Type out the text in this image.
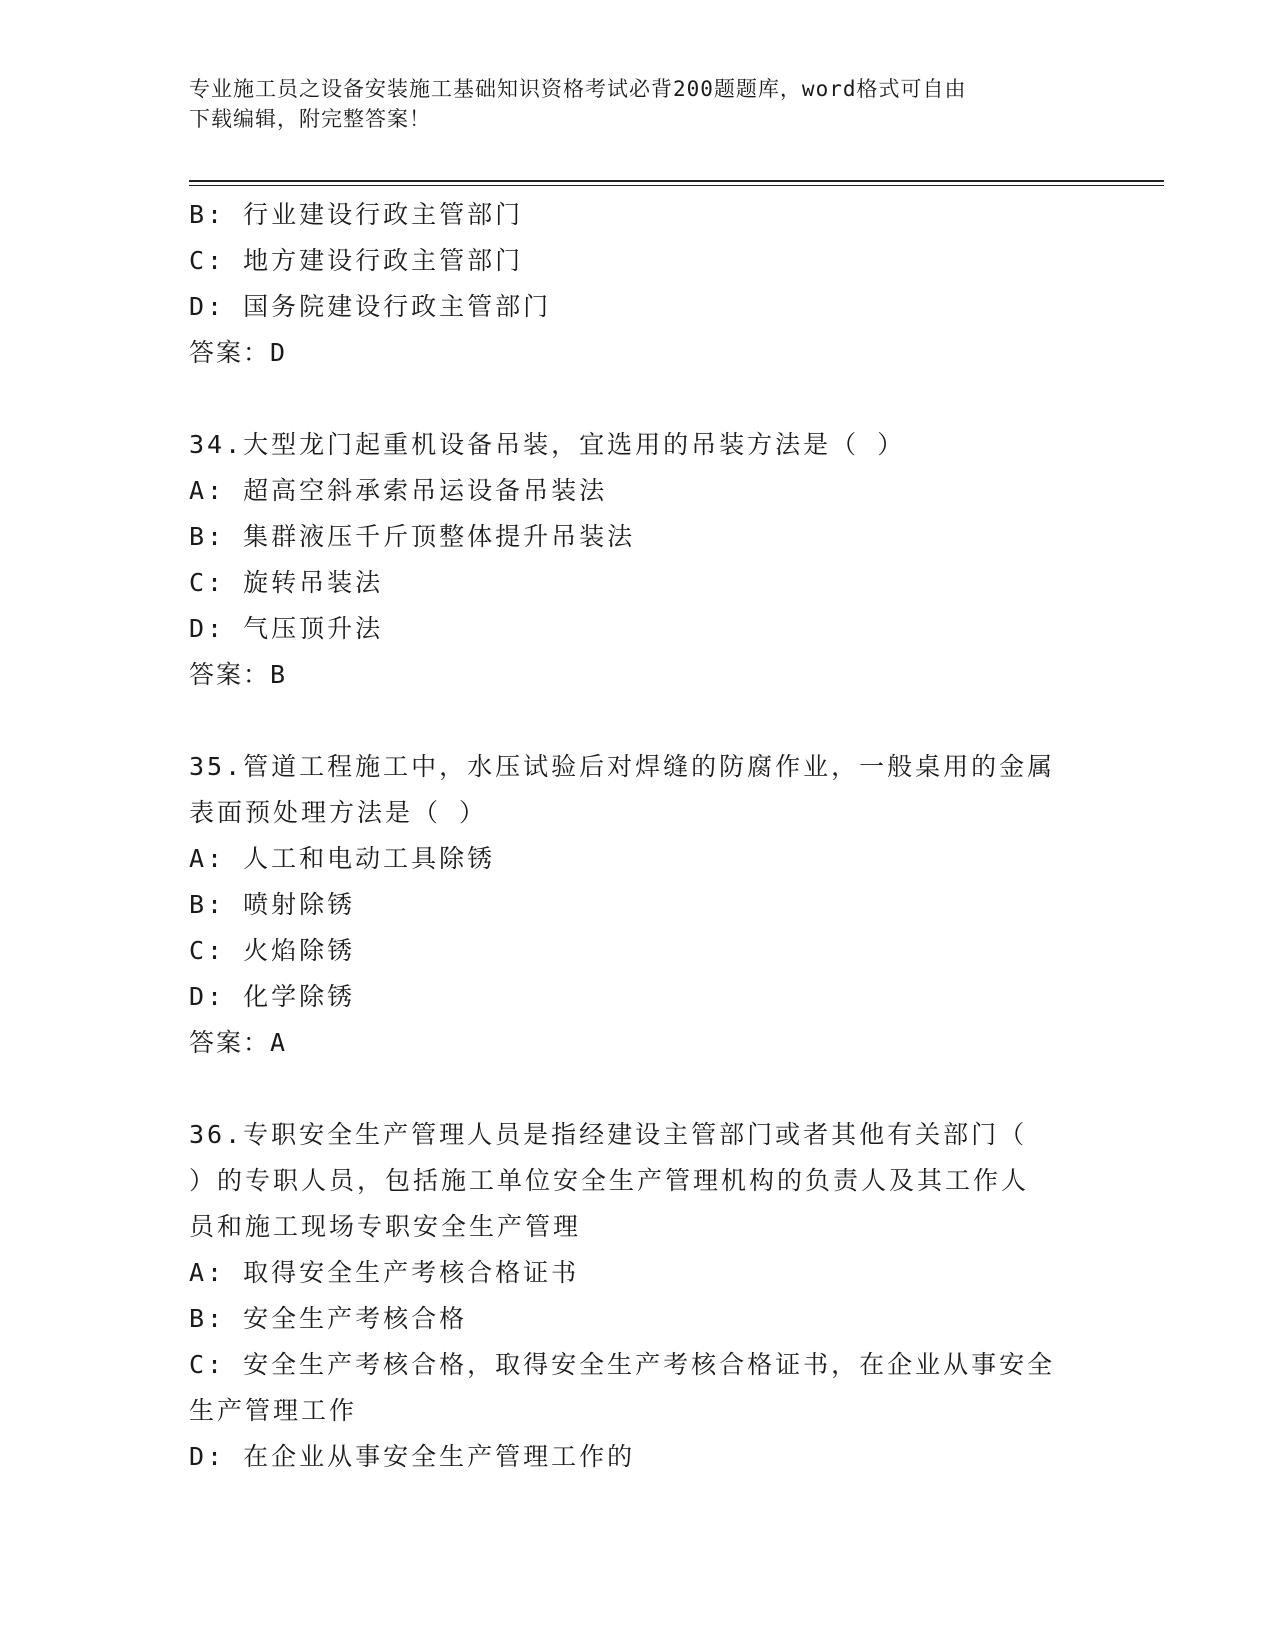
专业施工员之设备安装施工基础知识资格考试必背200题题库，word格式可自由
下载编辑，附完整答案！
B: 行业建设行政主管部门
C: 地方建设行政主管部门
D: 国务院建设行政主管部门
答案：D
34.大型龙门起重机设备吊装，宜选用的吊装方法是（ ）
A: 超高空斜承索吊运设备吊装法
B: 集群液压千斤顶整体提升吊装法
C: 旋转吊装法
D: 气压顶升法
答案：B
35.管道工程施工中，水压试验后对焊缝的防腐作业，一般桌用的金属
表面预处理方法是（ ）
A: 人工和电动工具除锈
B: 喷射除锈
C: 火焰除锈
D: 化学除锈
答案：A
36.专职安全生产管理人员是指经建设主管部门或者其他有关部门（
）的专职人员，包括施工单位安全生产管理机构的负责人及其工作人
员和施工现场专职安全生产管理
A: 取得安全生产考核合格证书
B: 安全生产考核合格
C: 安全生产考核合格，取得安全生产考核合格证书，在企业从事安全
生产管理工作
D: 在企业从事安全生产管理工作的
